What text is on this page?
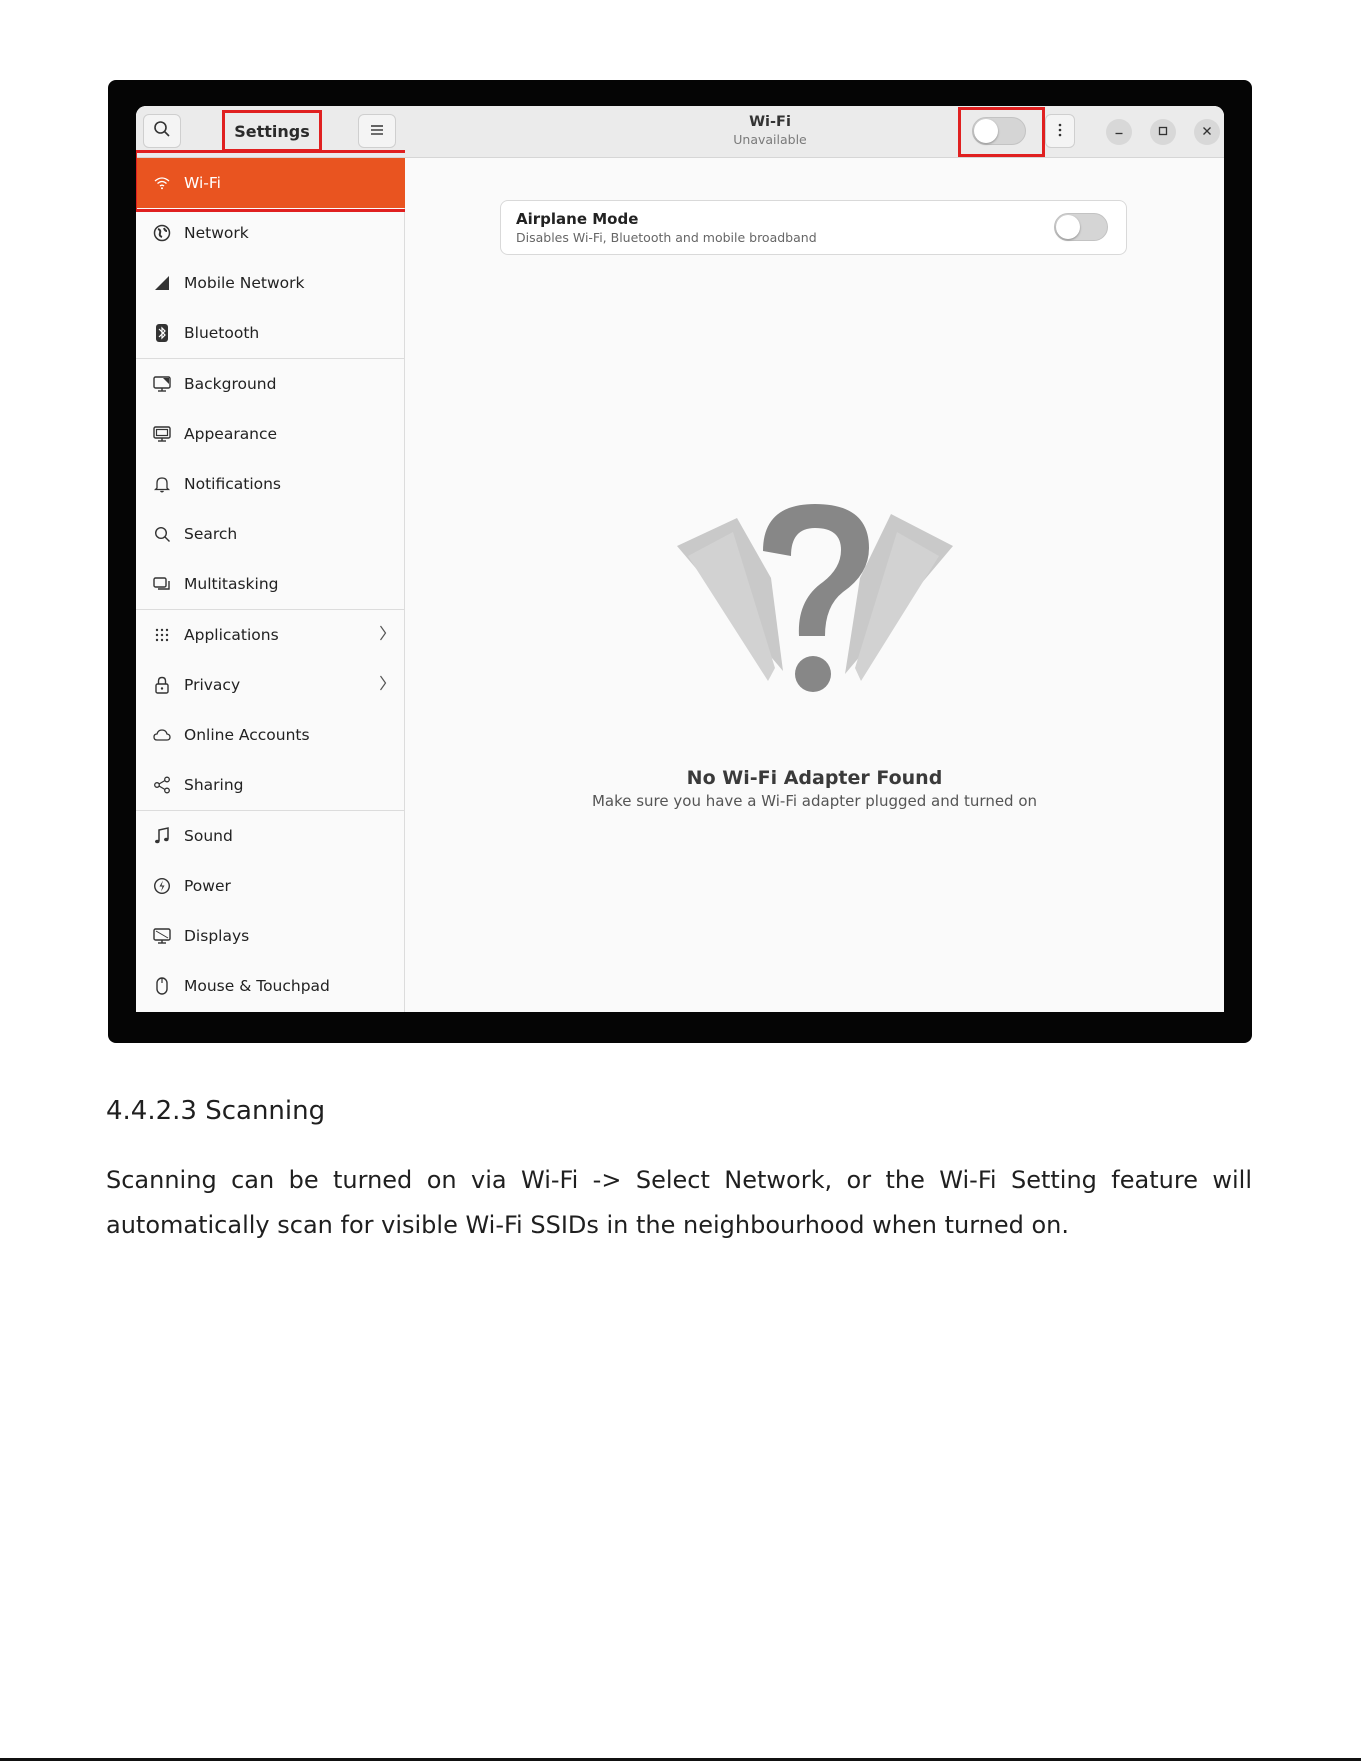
Settings
Wi-Fi
Network
Mobile Network
Bluetooth
Background
Appearance
Notifications
Search
Multitasking
Applications
Privacy
Online Accounts
Sharing
Sound
Power
Displays
Mouse & Touchpad
Wi-Fi
Unavailable
Airplane Mode
Disables Wi-Fi, Bluetooth and mobile broadband
No Wi-Fi Adapter Found
Make sure you have a Wi-Fi adapter plugged and turned on
4.4.2.3 Scanning
Scanning can be turned on via Wi-Fi -> Select Network, or the Wi-Fi Setting feature will automatically scan for visible Wi-Fi SSIDs in the neighbourhood when turned on.
